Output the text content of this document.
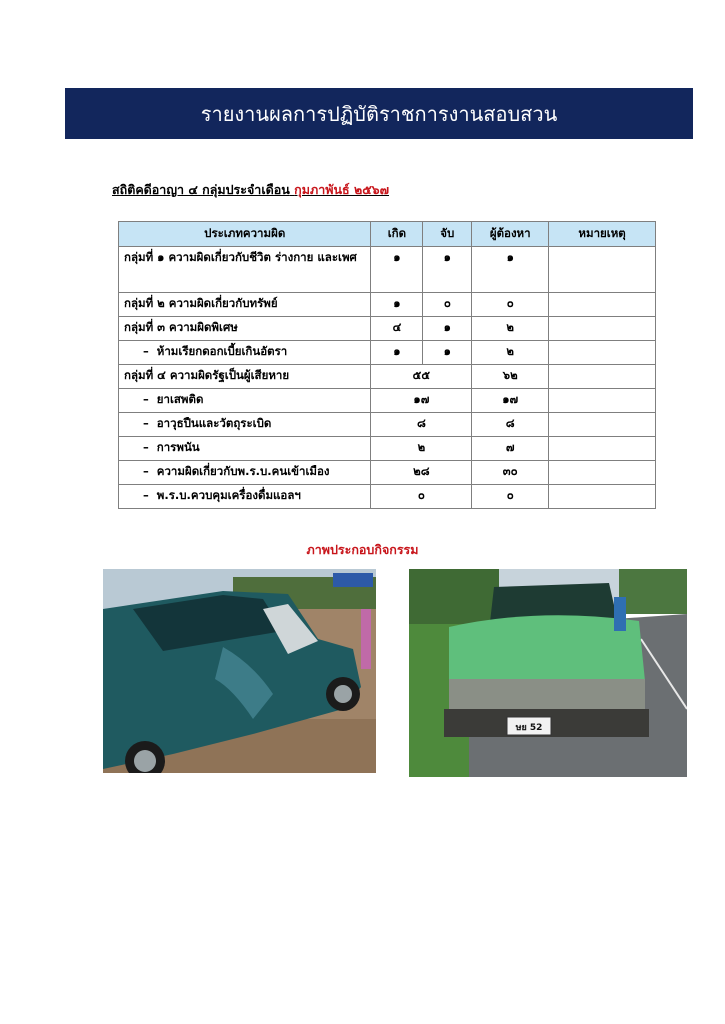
รายงานผลการปฏิบัติราชการงานสอบสวน
สถิติคดีอาญา ๔ กลุ่มประจำเดือน กุมภาพันธ์ ๒๕๖๗
ประเภทความผิด	เกิด	จับ	ผู้ต้องหา	หมายเหตุ
กลุ่มที่ ๑ ความผิดเกี่ยวกับชีวิต ร่างกาย และเพศ	๑	๑	๑	
กลุ่มที่ ๒ ความผิดเกี่ยวกับทรัพย์	๑	๐	๐	
กลุ่มที่ ๓ ความผิดพิเศษ	๔	๑	๒	
– ห้ามเรียกดอกเบี้ยเกินอัตรา	๑	๑	๒	
กลุ่มที่ ๔ ความผิดรัฐเป็นผู้เสียหาย	๕๕		๖๒	
– ยาเสพติด	๑๗		๑๗	
– อาวุธปืนและวัตถุระเบิด	๘		๘	
– การพนัน	๒		๗	
– ความผิดเกี่ยวกับพ.ร.บ.คนเข้าเมือง	๒๘		๓๐	
– พ.ร.บ.ควบคุมเครื่องดื่มแอลฯ	๐		๐	
ภาพประกอบกิจกรรม
ษย 52
